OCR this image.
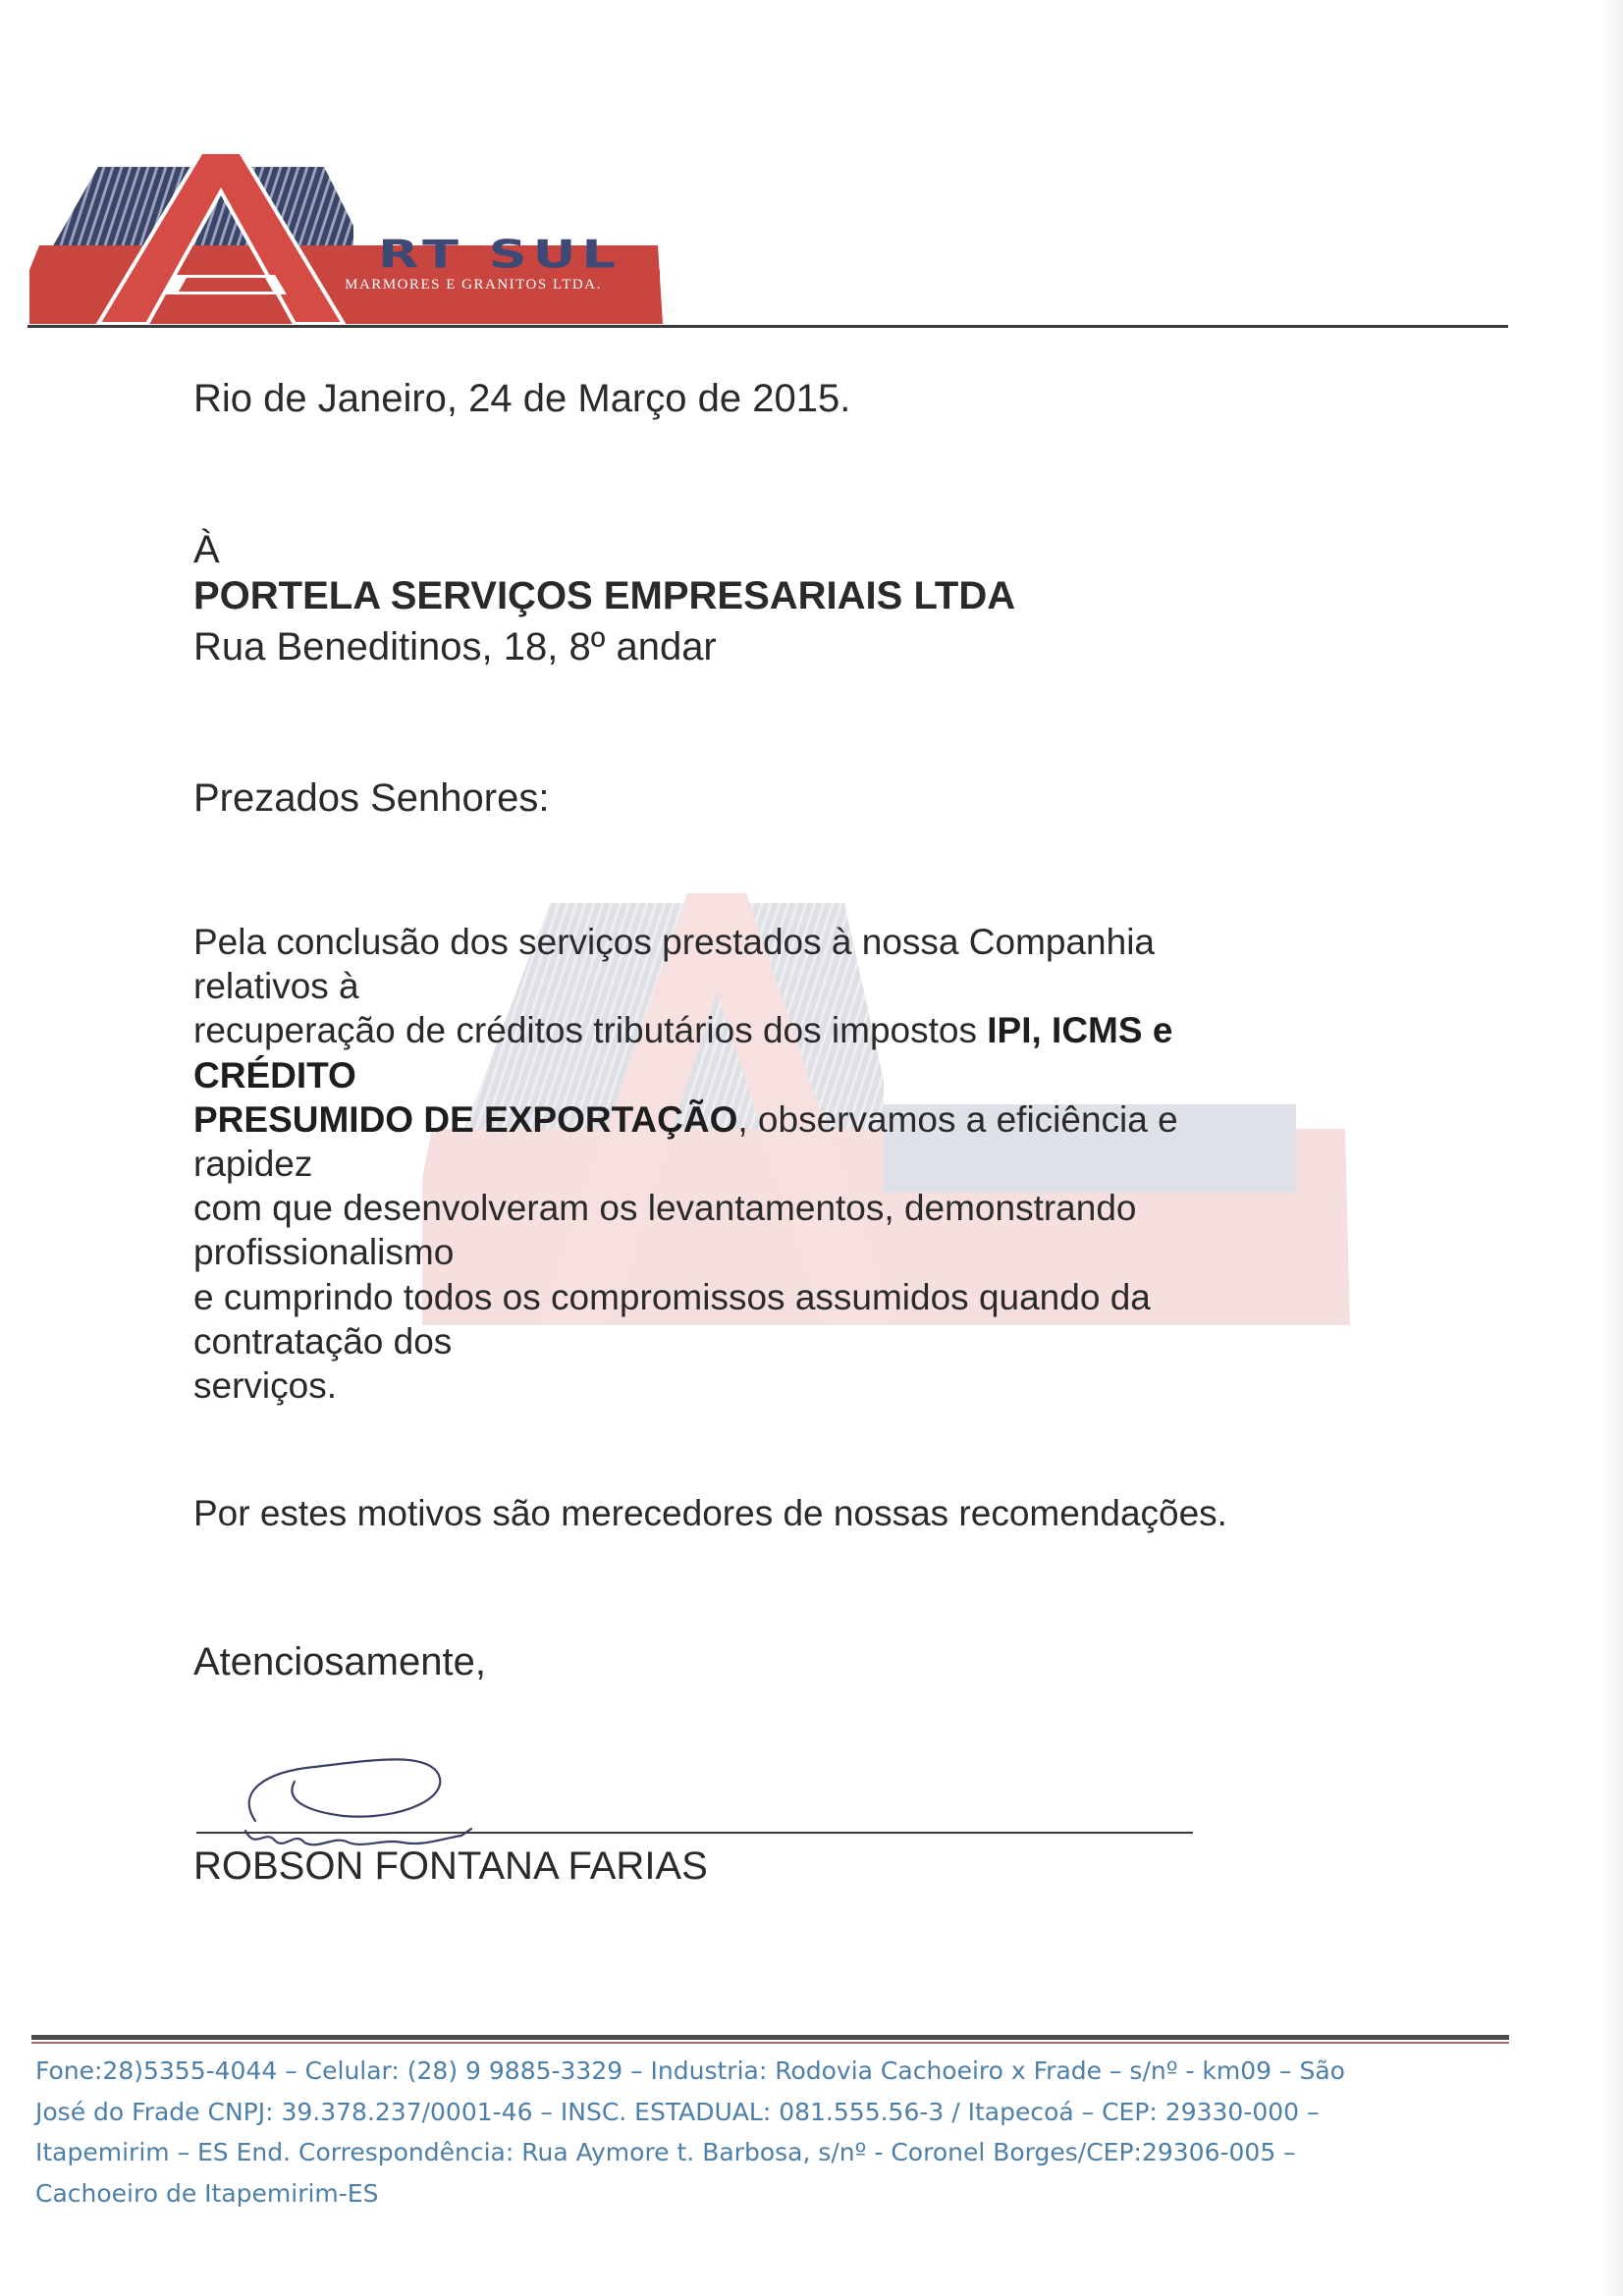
RT SUL
MARMORES E GRANITOS LTDA.
Rio de Janeiro, 24 de Março de 2015.
À
PORTELA SERVIÇOS EMPRESARIAIS LTDA
Rua Beneditinos, 18, 8º andar
Prezados Senhores:
Pela conclusão dos serviços prestados à nossa Companhia
relativos à
recuperação de créditos tributários dos impostos IPI, ICMS e
CRÉDITO
PRESUMIDO DE EXPORTAÇÃO, observamos a eficiência e
rapidez
com que desenvolveram os levantamentos, demonstrando
profissionalismo
e cumprindo todos os compromissos assumidos quando da
contratação dos
serviços.
Por estes motivos são merecedores de nossas recomendações.
Atenciosamente,
ROBSON FONTANA FARIAS
Fone:28)5355-4044 – Celular: (28) 9 9885-3329 – Industria: Rodovia Cachoeiro x Frade – s/nº - km09 – São
José do Frade CNPJ: 39.378.237/0001-46 – INSC. ESTADUAL: 081.555.56-3 / Itapecoá – CEP: 29330-000 –
Itapemirim – ES End. Correspondência: Rua Aymore t. Barbosa, s/nº - Coronel Borges/CEP:29306-005 –
Cachoeiro de Itapemirim-ES
